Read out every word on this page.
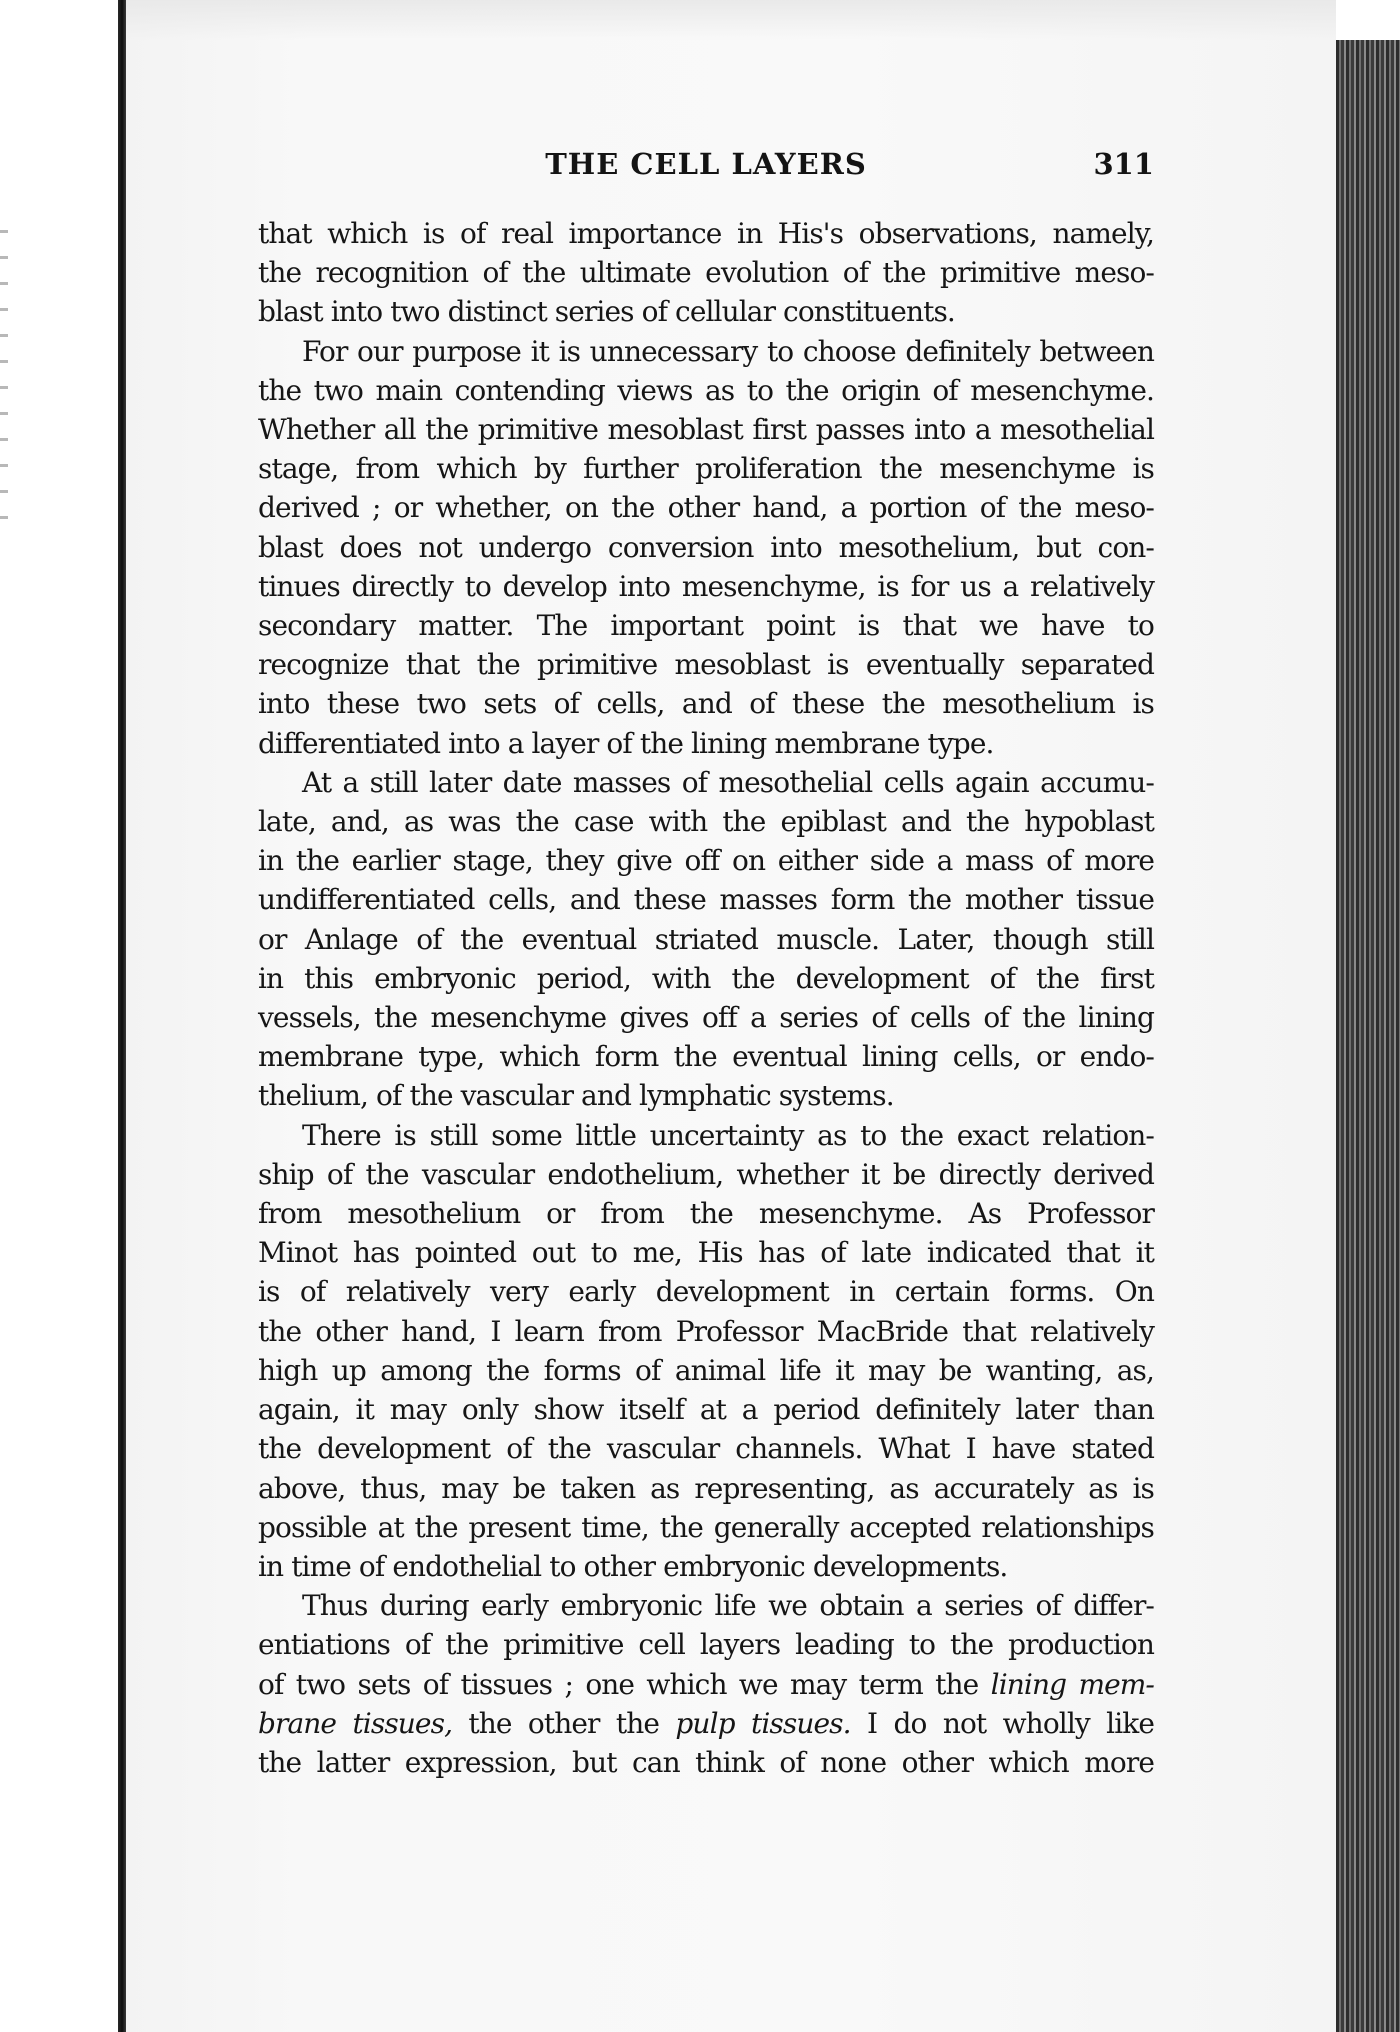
THE CELL LAYERS	311

that which is of real importance in His's observations, namely,

the recognition of the ultimate evolution of the primitive meso-

blast into two distinct series of cellular constituents.

For our purpose it is unnecessary to choose definitely between

the two main contending views as to the origin of mesenchyme.

Whether all the primitive mesoblast first passes into a mesothelial

stage, from which by further proliferation the mesenchyme is

derived ; or whether, on the other hand, a portion of the meso-

blast does not undergo conversion into mesothelium, but con-

tinues directly to develop into mesenchyme, is for us a relatively

secondary matter. The important point is that we have to

recognize that the primitive mesoblast is eventually separated

into these two sets of cells, and of these the mesothelium is

differentiated into a layer of the lining membrane type.

At a still later date masses of mesothelial cells again accumu-

late, and, as was the case with the epiblast and the hypoblast

in the earlier stage, they give off on either side a mass of more

undifferentiated cells, and these masses form the mother tissue

or Anlage of the eventual striated muscle. Later, though still

in this embryonic period, with the development of the first

vessels, the mesenchyme gives off a series of cells of the lining

membrane type, which form the eventual lining cells, or endo-

thelium, of the vascular and lymphatic systems.

There is still some little uncertainty as to the exact relation-

ship of the vascular endothelium, whether it be directly derived

from mesothelium or from the mesenchyme. As Professor

Minot has pointed out to me, His has of late indicated that it

is of relatively very early development in certain forms. On

the other hand, I learn from Professor MacBride that relatively

high up among the forms of animal life it may be wanting, as,

again, it may only show itself at a period definitely later than

the development of the vascular channels. What I have stated

above, thus, may be taken as representing, as accurately as is

possible at the present time, the generally accepted relationships

in time of endothelial to other embryonic developments.

Thus during early embryonic life we obtain a series of differ-

entiations of the primitive cell layers leading to the production

of two sets of tissues ; one which we may term the lining mem-

brane tissues, the other the pulp tissues. I do not wholly like

the latter expression, but can think of none other which more
